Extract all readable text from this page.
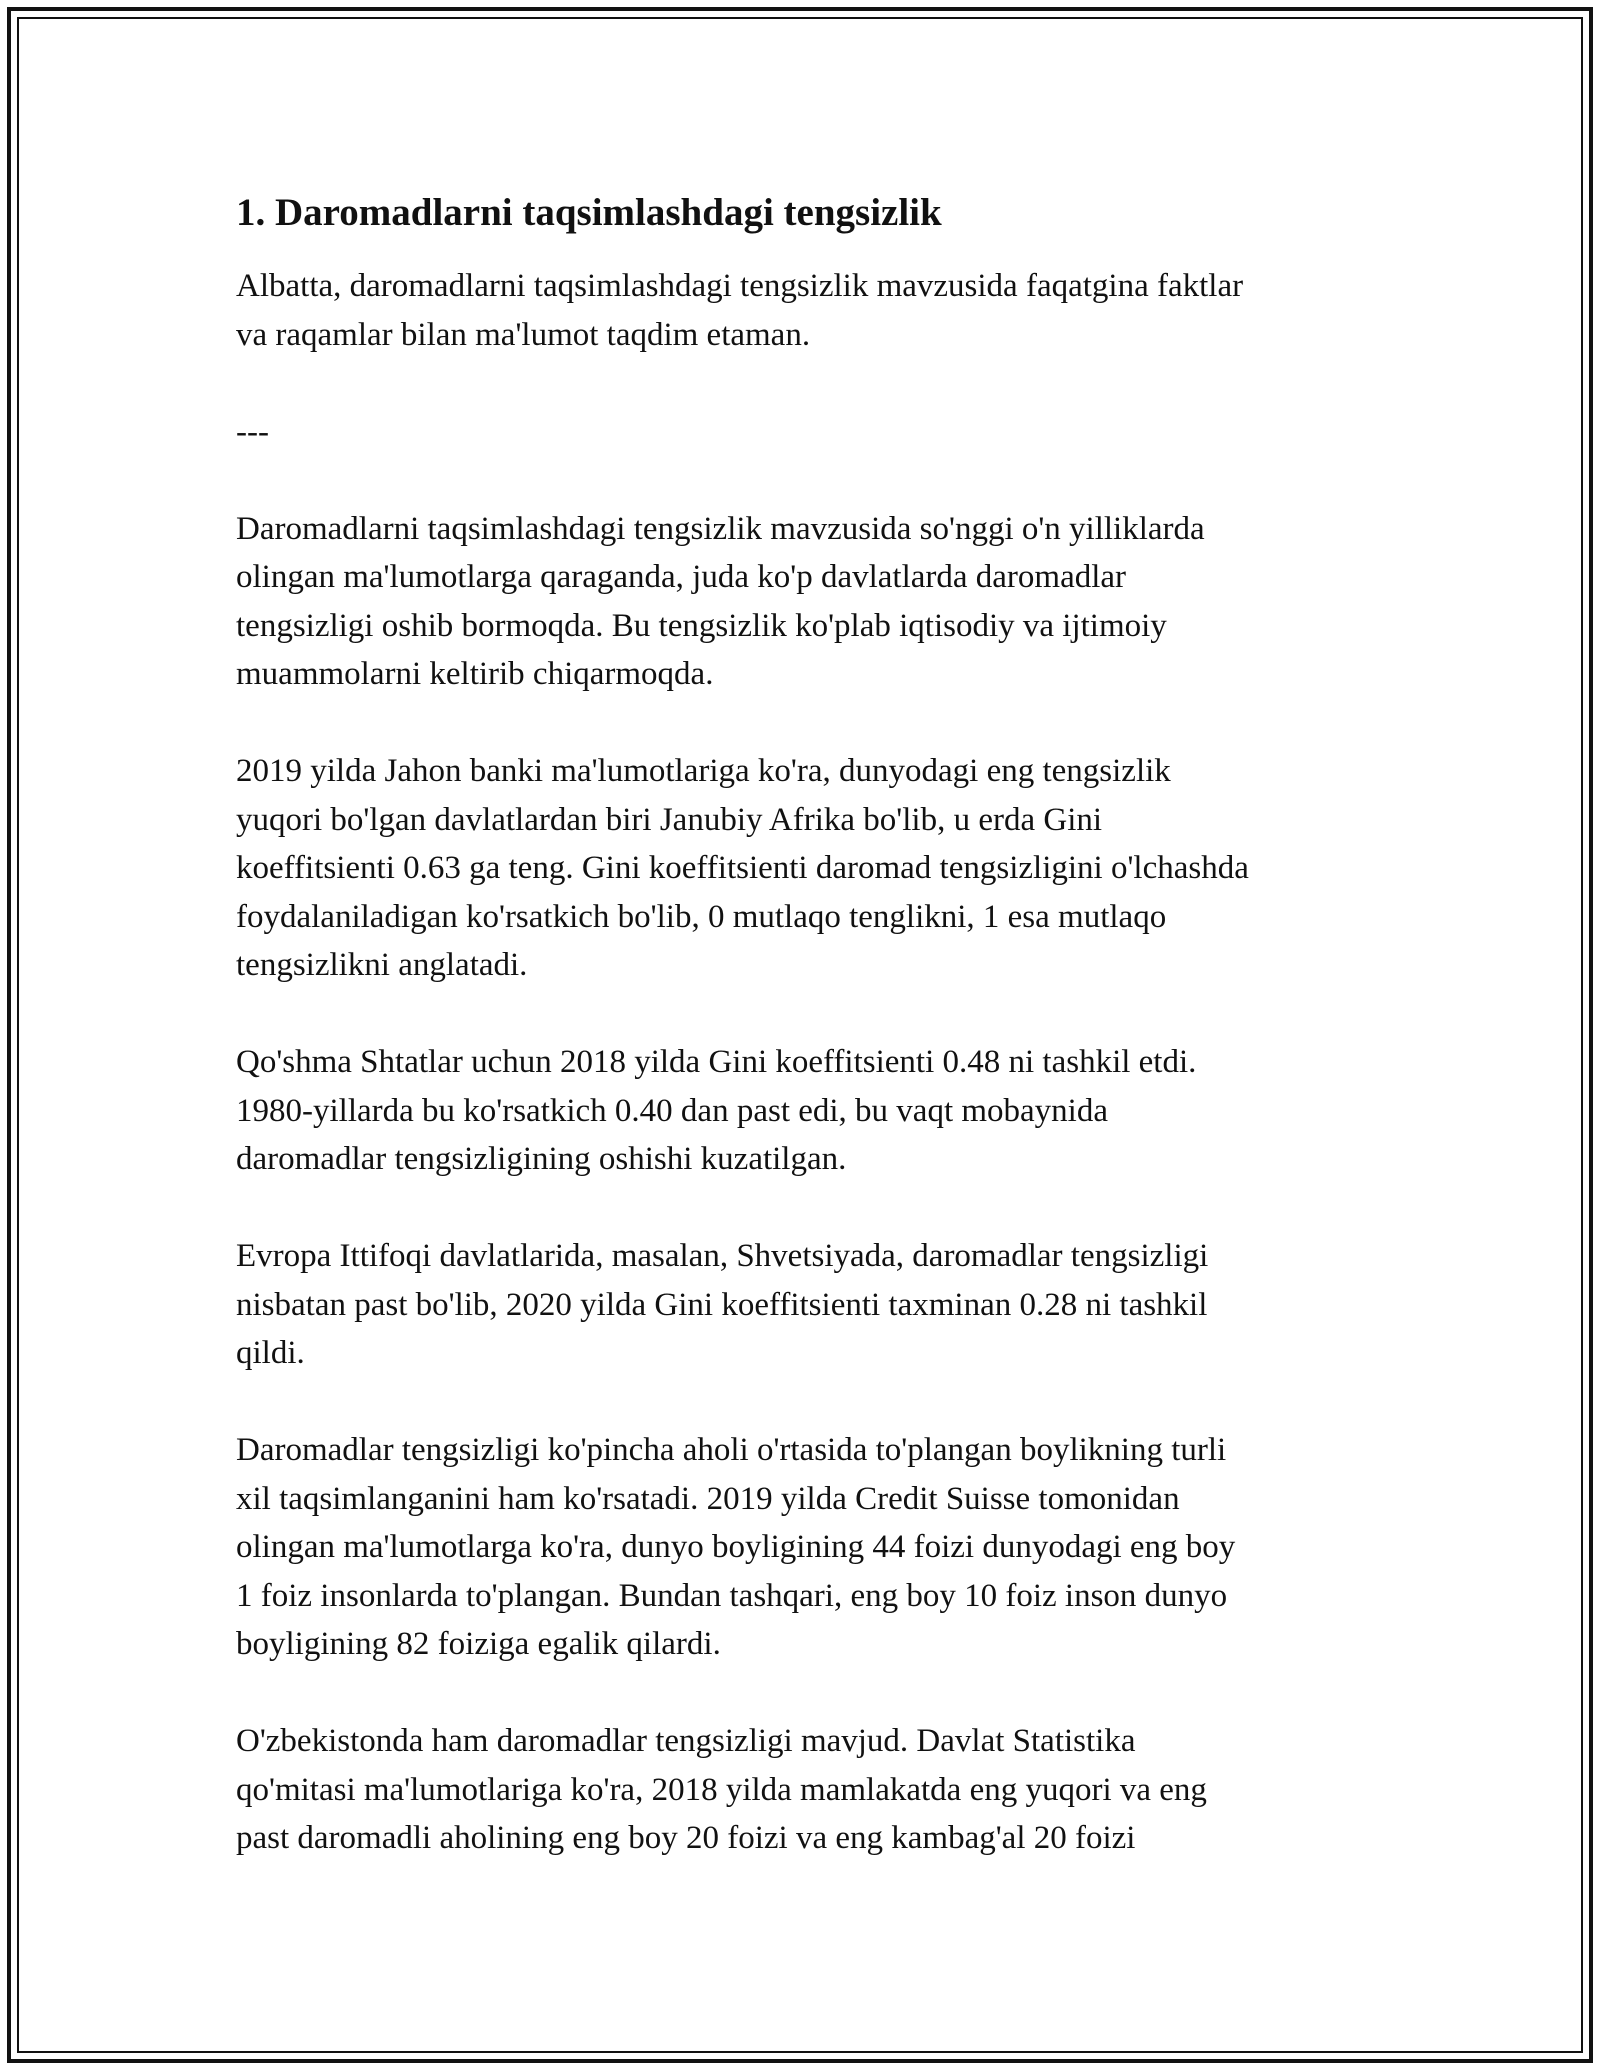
1. Daromadlarni taqsimlashdagi tengsizlik

Albatta, daromadlarni taqsimlashdagi tengsizlik mavzusida faqatgina faktlar
va raqamlar bilan ma'lumot taqdim etaman.

---

Daromadlarni taqsimlashdagi tengsizlik mavzusida so'nggi o'n yilliklarda
olingan ma'lumotlarga qaraganda, juda ko'p davlatlarda daromadlar
tengsizligi oshib bormoqda. Bu tengsizlik ko'plab iqtisodiy va ijtimoiy
muammolarni keltirib chiqarmoqda.

2019 yilda Jahon banki ma'lumotlariga ko'ra, dunyodagi eng tengsizlik
yuqori bo'lgan davlatlardan biri Janubiy Afrika bo'lib, u erda Gini
koeffitsienti 0.63 ga teng. Gini koeffitsienti daromad tengsizligini o'lchashda
foydalaniladigan ko'rsatkich bo'lib, 0 mutlaqo tenglikni, 1 esa mutlaqo
tengsizlikni anglatadi.

Qo'shma Shtatlar uchun 2018 yilda Gini koeffitsienti 0.48 ni tashkil etdi.
1980-yillarda bu ko'rsatkich 0.40 dan past edi, bu vaqt mobaynida
daromadlar tengsizligining oshishi kuzatilgan.

Evropa Ittifoqi davlatlarida, masalan, Shvetsiyada, daromadlar tengsizligi
nisbatan past bo'lib, 2020 yilda Gini koeffitsienti taxminan 0.28 ni tashkil
qildi.

Daromadlar tengsizligi ko'pincha aholi o'rtasida to'plangan boylikning turli
xil taqsimlanganini ham ko'rsatadi. 2019 yilda Credit Suisse tomonidan
olingan ma'lumotlarga ko'ra, dunyo boyligining 44 foizi dunyodagi eng boy
1 foiz insonlarda to'plangan. Bundan tashqari, eng boy 10 foiz inson dunyo
boyligining 82 foiziga egalik qilardi.

O'zbekistonda ham daromadlar tengsizligi mavjud. Davlat Statistika
qo'mitasi ma'lumotlariga ko'ra, 2018 yilda mamlakatda eng yuqori va eng
past daromadli aholining eng boy 20 foizi va eng kambag'al 20 foizi
